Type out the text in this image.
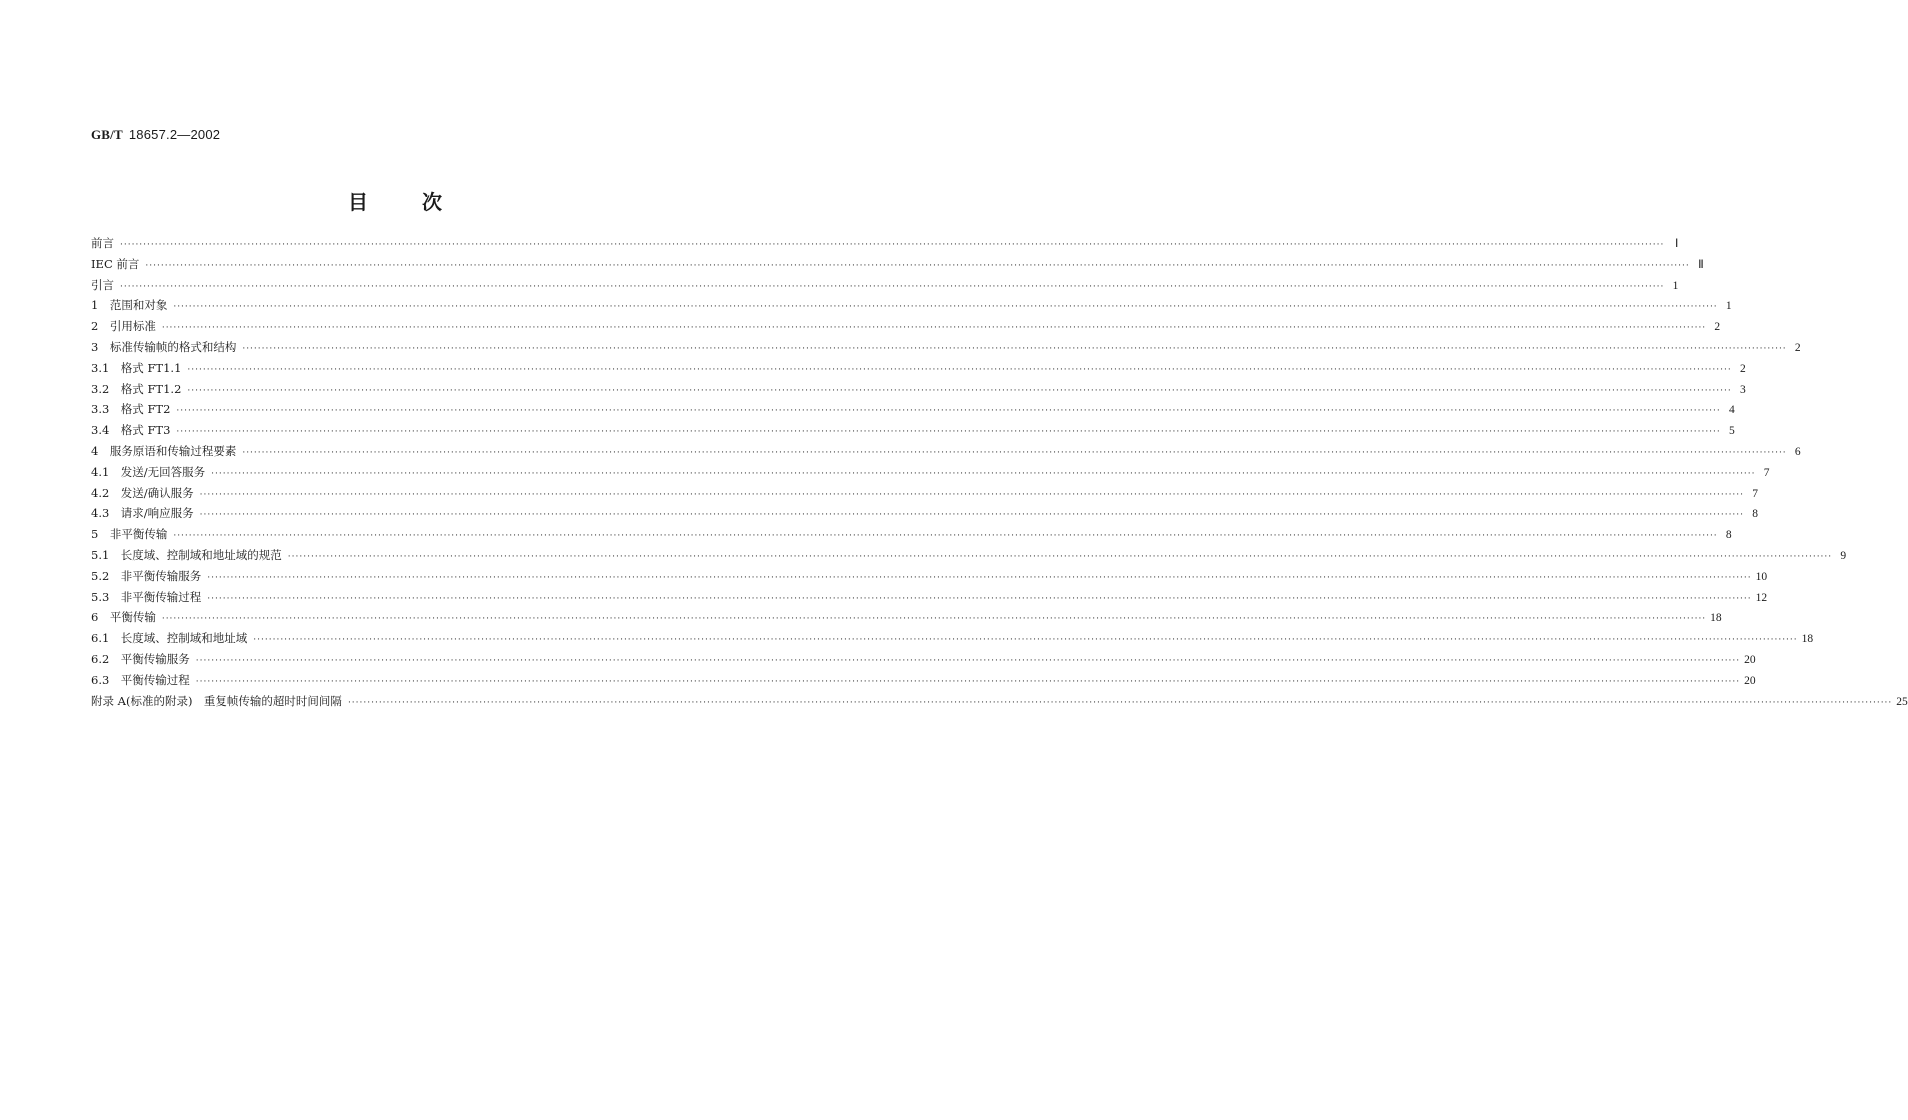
GB/T 18657.2—2002
目	次
前言 ················································································································································································································································································································································································································ Ⅰ
IEC 前言 ················································································································································································································································································································································································································ Ⅱ
引言 ················································································································································································································································································································································································································ 1
1　范围和对象 ················································································································································································································································································································································································································ 1
2　引用标准 ················································································································································································································································································································································································································ 2
3　标准传输帧的格式和结构 ················································································································································································································································································································································································································ 2
3.1　格式 FT1.1 ················································································································································································································································································································································································································ 2
3.2　格式 FT1.2 ················································································································································································································································································································································································································ 3
3.3　格式 FT2 ················································································································································································································································································································································································································ 4
3.4　格式 FT3 ················································································································································································································································································································································································································ 5
4　服务原语和传输过程要素 ················································································································································································································································································································································································································ 6
4.1　发送/无回答服务 ················································································································································································································································································································································································································ 7
4.2　发送/确认服务 ················································································································································································································································································································································································································ 7
4.3　请求/响应服务 ················································································································································································································································································································································································································ 8
5　非平衡传输 ················································································································································································································································································································································································································ 8
5.1　长度域、控制域和地址域的规范 ················································································································································································································································································································································································································ 9
5.2　非平衡传输服务 ················································································································································································································································································································································································································ 10
5.3　非平衡传输过程 ················································································································································································································································································································································································································ 12
6　平衡传输 ················································································································································································································································································································································································································ 18
6.1　长度域、控制域和地址域 ················································································································································································································································································································································································································ 18
6.2　平衡传输服务 ················································································································································································································································································································································································································ 20
6.3　平衡传输过程 ················································································································································································································································································································································································································ 20
附录 A(标准的附录)　重复帧传输的超时时间间隔 ················································································································································································································································································································································································································ 25
